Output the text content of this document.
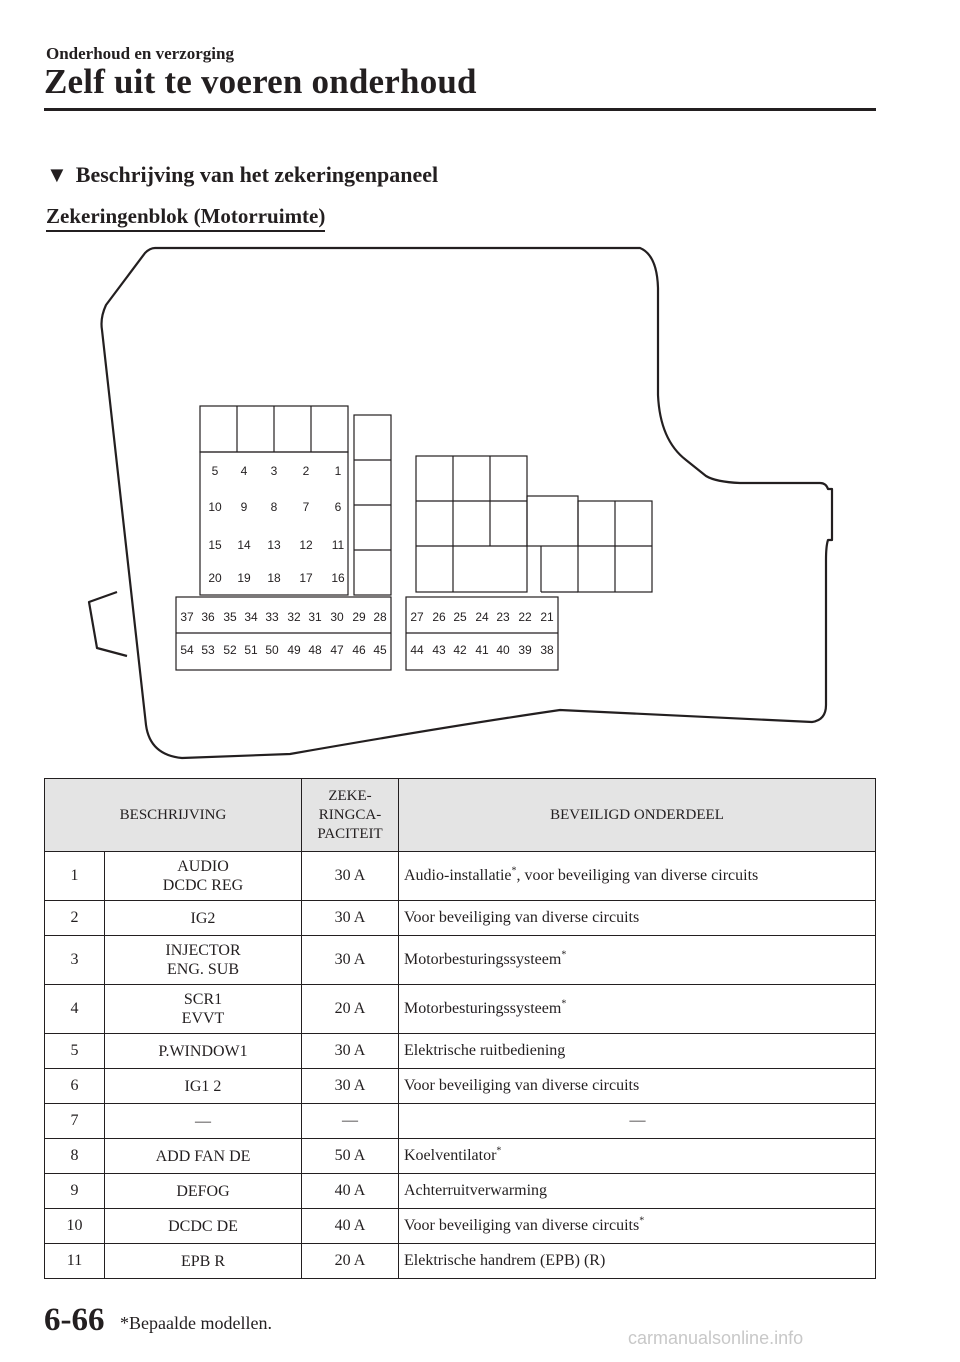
Onderhoud en verzorging
Zelf uit te voeren onderhoud
▼ Beschrijving van het zekeringenpaneel
Zekeringenblok (Motorruimte)
5 4 3 2 1
10 9 8 7 6
15 14 13 12 11
20 19 18 17 16
37 36 35 34 33 32 31 30 29 28
54 53 52 51 50 49 48 47 46 45
27 26 25 24 23 22 21
44 43 42 41 40 39 38
BESCHRIJVING		ZEKE-
RINGCA-
PACITEIT	BEVEILIGD ONDERDEEL
1	AUDIO
DCDC REG	30 A	Audio-installatie*, voor beveiliging van diverse circuits
2	IG2	30 A	Voor beveiliging van diverse circuits
3	INJECTOR
ENG. SUB	30 A	Motorbesturingssysteem*
4	SCR1
EVVT	20 A	Motorbesturingssysteem*
5	P.WINDOW1	30 A	Elektrische ruitbediening
6	IG1 2	30 A	Voor beveiliging van diverse circuits
7	—	—	—
8	ADD FAN DE	50 A	Koelventilator*
9	DEFOG	40 A	Achterruitverwarming
10	DCDC DE	40 A	Voor beveiliging van diverse circuits*
11	EPB R	20 A	Elektrische handrem (EPB) (R)
6-66 *Bepaalde modellen.
carmanualsonline.info
